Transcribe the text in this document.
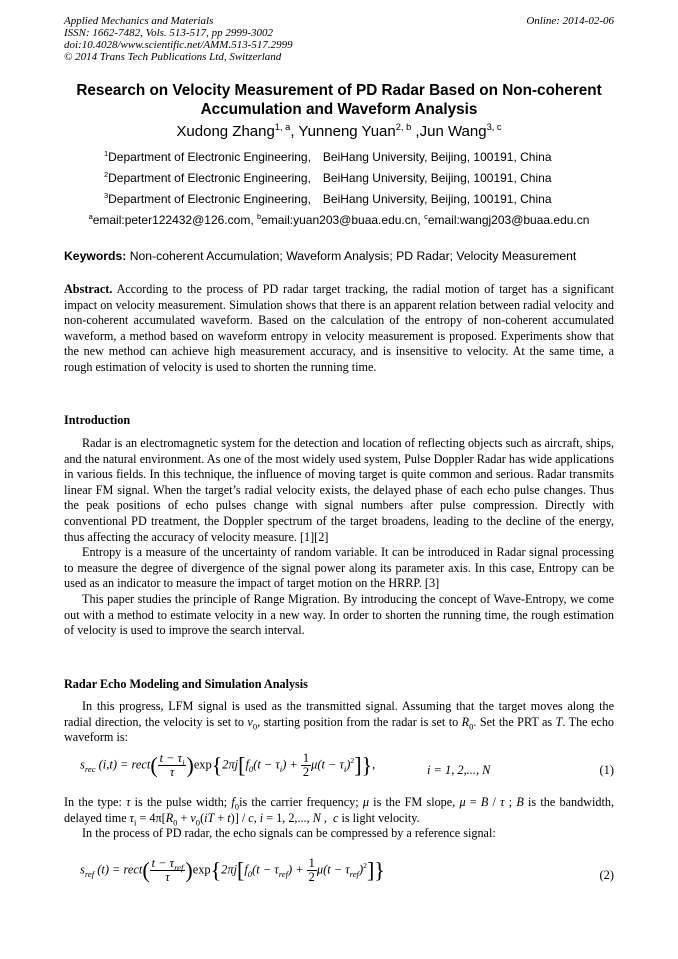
Applied Mechanics and Materials	Online: 2014-02-06
ISSN: 1662-7482, Vols. 513-517, pp 2999-3002
doi:10.4028/www.scientific.net/AMM.513-517.2999
© 2014 Trans Tech Publications Ltd, Switzerland
Research on Velocity Measurement of PD Radar Based on Non-coherent
Accumulation and Waveform Analysis
Xudong Zhang$^{1, a}$, Yunneng Yuan$^{2, b}$ ,Jun Wang$^{3, c}$
$^1$Department of Electronic Engineering, BeiHang University, Beijing, 100191, China
$^2$Department of Electronic Engineering, BeiHang University, Beijing, 100191, China
$^3$Department of Electronic Engineering, BeiHang University, Beijing, 100191, China
$^a$email:peter122432@126.com, $^b$email:yuan203@buaa.edu.cn, $^c$email:wangj203@buaa.edu.cn
Keywords: Non-coherent Accumulation; Waveform Analysis; PD Radar; Velocity Measurement

Abstract. According to the process of PD radar target tracking, the radial motion of target has a significant impact on velocity measurement. Simulation shows that there is an apparent relation between radial velocity and non-coherent accumulated waveform. Based on the calculation of the entropy of non-coherent accumulated waveform, a method based on waveform entropy in velocity measurement is proposed. Experiments show that the new method can achieve high measurement accuracy, and is insensitive to velocity. At the same time, a rough estimation of velocity is used to shorten the running time.

Introduction

Radar is an electromagnetic system for the detection and location of reflecting objects such as aircraft, ships, and the natural environment. As one of the most widely used system, Pulse Doppler Radar has wide applications in various fields. In this technique, the influence of moving target is quite common and serious. Radar transmits linear FM signal. When the target’s radial velocity exists, the delayed phase of each echo pulse changes. Thus the peak positions of echo pulses change with signal numbers after pulse compression. Directly with conventional PD treatment, the Doppler spectrum of the target broadens, leading to the decline of the energy, thus affecting the accuracy of velocity measure. [1][2]

Entropy is a measure of the uncertainty of random variable. It can be introduced in Radar signal processing to measure the degree of divergence of the signal power along its parameter axis. In this case, Entropy can be used as an indicator to measure the impact of target motion on the HRRP. [3]

This paper studies the principle of Range Migration. By introducing the concept of Wave-Entropy, we come out with a method to estimate velocity in a new way. In order to shorten the running time, the rough estimation of velocity is used to improve the search interval.

Radar Echo Modeling and Simulation Analysis

In this progress, LFM signal is used as the transmitted signal. Assuming that the target moves along the radial direction, the velocity is set to $v_0$, starting position from the radar is set to $R_0$. Set the PRT as T. The echo waveform is:

$s_{rec}$ (i,t) = rect( $\frac{t - \tau_i}{\tau} )\exp\{2\pi j[f_0(t - \tau_i) + \frac{1}{2} \mu(t - \tau_i)^2]\}$,	i = 1, 2,..., N	(1)

In the type: τ is the pulse width; $f_0is$ the carrier frequency; μ is the FM slope, μ = B / τ ; B is the bandwidth, delayed time $\tau_i = 4\pi[R_0 + v_0(iT + t)] / c$, i = 1, 2,..., N ,  c is light velocity.

In the process of PD radar, the echo signals can be compressed by a reference signal:

$s_{ref}$ (t) = rect( $\frac{t - \tau_{ref}}{\tau} )\exp\{2\pi j[f_0(t - \tau_{ref}) + \frac{1}{2} \mu(t - \tau_{ref})^2]\}$	(2)
